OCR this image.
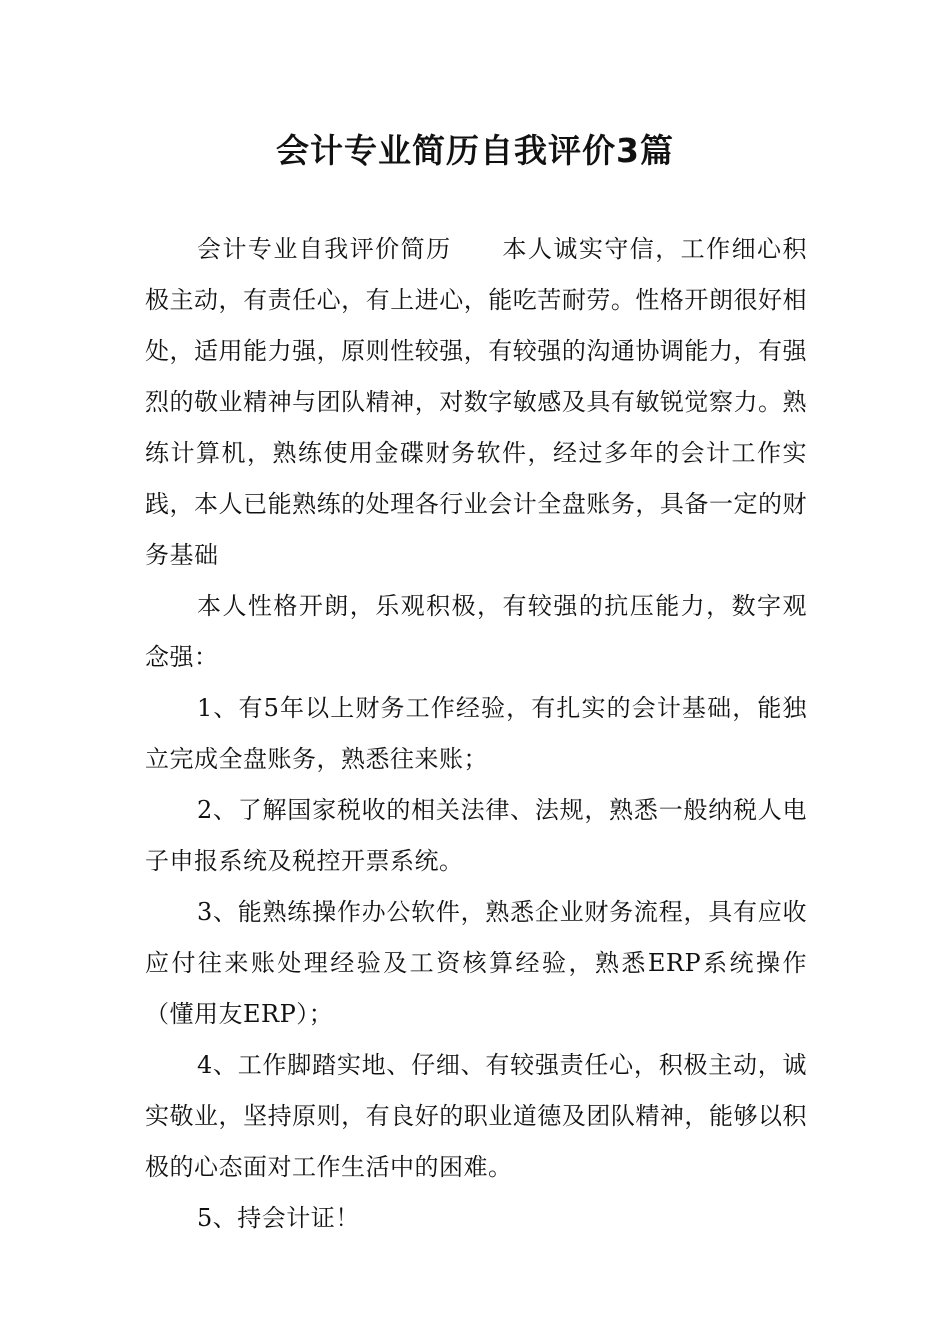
会计专业简历自我评价3篇

会计专业自我评价简历 本人诚实守信，工作细心积极主动，有责任心，有上进心，能吃苦耐劳。性格开朗很好相处，适用能力强，原则性较强，有较强的沟通协调能力，有强烈的敬业精神与团队精神，对数字敏感及具有敏锐觉察力。熟练计算机，熟练使用金碟财务软件，经过多年的会计工作实践，本人已能熟练的处理各行业会计全盘账务，具备一定的财务基础

本人性格开朗，乐观积极，有较强的抗压能力，数字观念强：

1、有5年以上财务工作经验，有扎实的会计基础，能独立完成全盘账务，熟悉往来账；

2、了解国家税收的相关法律、法规，熟悉一般纳税人电子申报系统及税控开票系统。

3、能熟练操作办公软件，熟悉企业财务流程，具有应收应付往来账处理经验及工资核算经验，熟悉ERP系统操作（懂用友ERP）；

4、工作脚踏实地、仔细、有较强责任心，积极主动，诚实敬业，坚持原则，有良好的职业道德及团队精神，能够以积极的心态面对工作生活中的困难。

5、持会计证！
